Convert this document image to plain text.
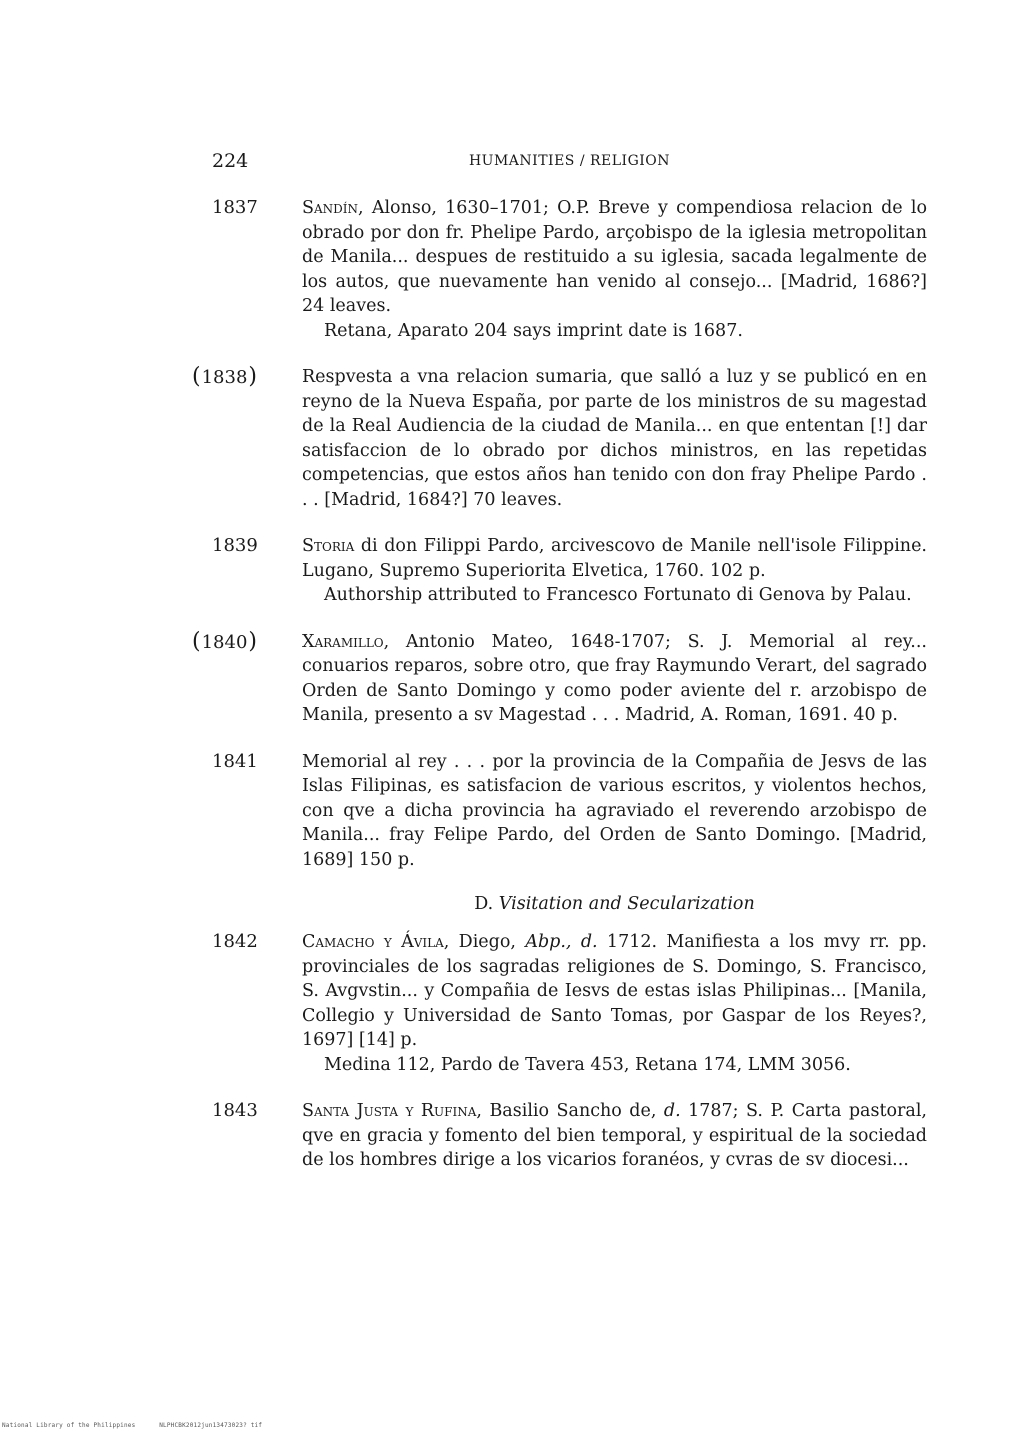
224	HUMANITIES / RELIGION
1837	Sandín, Alonso, 1630–1701; O.P. Breve y compendiosa relacion de lo obrado por don fr. Phelipe Pardo, arçobispo de la iglesia metropolitan de Manila... despues de restituido a su iglesia, sacada legalmente de los autos, que nuevamente han venido al consejo... [Madrid, 1686?] 24 leaves.
Retana, Aparato 204 says imprint date is 1687.
( 1838 )	Respvesta a vna relacion sumaria, que salló a luz y se publicó en en reyno de la Nueva España, por parte de los ministros de su magestad de la Real Audiencia de la ciudad de Manila... en que ententan [!] dar satisfaccion de lo obrado por dichos ministros, en las repetidas competencias, que estos años han tenido con don fray Phelipe Pardo . . . [Madrid, 1684?] 70 leaves.
1839	Storia di don Filippi Pardo, arcivescovo de Manile nell'isole Filippine. Lugano, Supremo Superiorita Elvetica, 1760. 102 p.
Authorship attributed to Francesco Fortunato di Genova by Palau.
( 1840 )	Xaramillo, Antonio Mateo, 1648-1707; S. J. Memorial al rey... conuarios reparos, sobre otro, que fray Raymundo Verart, del sagrado Orden de Santo Domingo y como poder aviente del r. arzobispo de Manila, presento a sv Magestad . . . Madrid, A. Roman, 1691. 40 p.
1841	Memorial al rey . . . por la provincia de la Compañia de Jesvs de las Islas Filipinas, es satisfacion de various escritos, y violentos hechos, con qve a dicha provincia ha agraviado el reverendo arzobispo de Manila... fray Felipe Pardo, del Orden de Santo Domingo. [Madrid, 1689] 150 p.
D. Visitation and Secularization
1842	Camacho y Ávila, Diego, Abp., d. 1712. Manifiesta a los mvy rr. pp. provinciales de los sagradas religiones de S. Domingo, S. Francisco, S. Avgvstin... y Compañia de Iesvs de estas islas Philipinas... [Manila, Collegio y Universidad de Santo Tomas, por Gaspar de los Reyes?, 1697] [14] p.
Medina 112, Pardo de Tavera 453, Retana 174, LMM 3056.
1843	Santa Justa y Rufina, Basilio Sancho de, d. 1787; S. P. Carta pastoral, qve en gracia y fomento del bien temporal, y espiritual de la sociedad de los hombres dirige a los vicarios foranéos, y cvras de sv diocesi...
National Library of the Philippines	NLPHCBK2012jun13473023? tif
